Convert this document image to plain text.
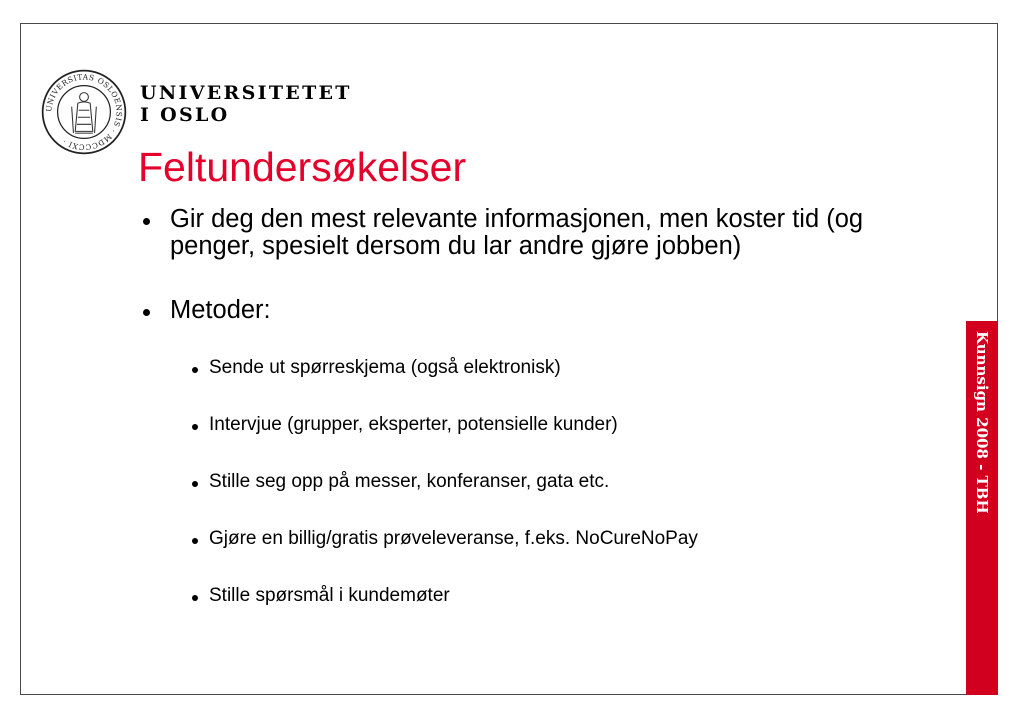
UNIVERSITAS OSLOENSIS · MDCCCXI ·
UNIVERSITETET
I OSLO
Feltundersøkelser
Gir deg den mest relevante informasjonen, men koster tid (og penger, spesielt dersom du lar andre gjøre jobben)
Metoder:
Sende ut spørreskjema (også elektronisk)
Intervjue (grupper, eksperter, potensielle kunder)
Stille seg opp på messer, konferanser, gata etc.
Gjøre en billig/gratis prøveleveranse, f.eks. NoCureNoPay
Stille spørsmål i kundemøter
Kunnsign 2008 - TBH
